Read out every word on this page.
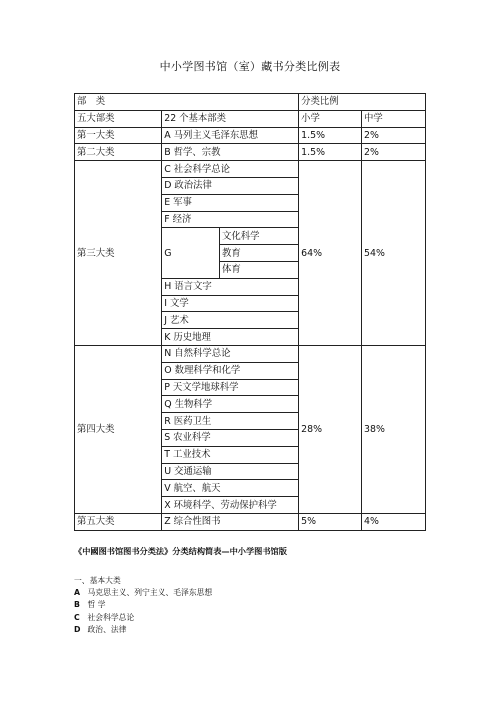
中小学图书馆（室）藏书分类比例表
部　类			分类比例	
五大部类	22 个基本部类		小学	中学
第一大类	A 马列主义毛泽东思想		1.5%	2%
第二大类	B 哲学、宗教		1.5%	2%
第三大类	C 社会科学总论		64%	54%
	D 政治法律			
	E 军事			
	F 经济			
	G	文化科学		
		教育		
		体育		
	H 语言文字			
	I 文学			
	J 艺术			
	K 历史地理			
第四大类	N 自然科学总论		28%	38%
	O 数理科学和化学			
	P 天文学地球科学			
	Q 生物科学			
	R 医药卫生			
	S 农业科学			
	T 工业技术			
	U 交通运输			
	V 航空、航天			
	X 环境科学、劳动保护科学			
第五大类	Z 综合性图书		5%	4%
《中國图书馆图书分类法》分类结构简表—中小学图书馆版
一、基本大类
A 马克思主义、列宁主义、毛泽东思想
B 哲 学
C 社会科学总论
D 政治、法律
